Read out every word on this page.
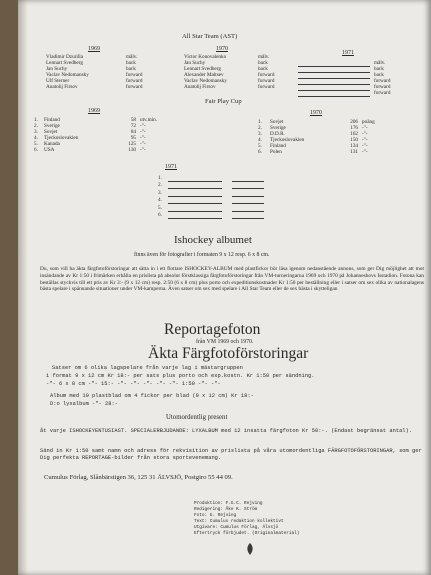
All Star Team (AST)
1969
Vladimir Dzurilla
Lennart Svedberg
Jan Suchy
Vaclav Nedomansky
Ulf Sterner
Anatolij Firsov
målv.
back
back
forward
forward
forward
1970
Victor Konovalenko
Jan Suchy
Lennart Svedberg
Alexander Maltsev
Vaclav Nedomansky
Anatolij Firsov
målv.
back
back
forward
forward
forward
1971
målv.
back
back
forward
forward
forward
Fair Play Cup
1969
1.
2.
3.
4.
5.
6.
Finland
Sverige
Sovjet
Tjeckoslovakien
Kanada
USA
58
72
84
95
125
130
utv.min.
-"-
-"-
-"-
-"-
-"-
1970
1.
2.
3.
4.
5.
6.
Sovjet
Sverige
D.D.R.
Tjeckoslovakien
Finland
Polen
206
176
162
150
134
131
poäng
-"-
-"-
-"-
-"-
-"-
1971
1.
2.
3.
4.
5.
6.
Ishockey albumet
finns även för fotografier i formaten 9 x 12 resp. 6 x 8 cm.
Du, som vill ha äkta färgfotoförstoringar att sätta in i ett flottare ISHOCKEY-ALBUM med plastfickor bör läsa igenom nedanstående annons, som ger Dig möjlighet att mot insändande av Kr 1:50 i frimärken erhålla en prislista på absolut förstklassiga färgfotoförstoringar från VM-turneringarna 1969 och 1970 på Johanneshovs Isstadion. Fotona kan beställas styckvis till ett pris av Kr 3:- (9 x 12 cm) resp. 2:50 (6 x 8 cm) plus porto och expeditionskostnader Kr 1:50 per beställning eller i satser om sex olika av nationalagens bästa spelare i spännande situationer under VM-kamperna. Även satser om sex med spelare i All Star Team eller de sex bästa i skytteligan
Reportagefoton
från VM 1969 och 1970.
Äkta Färgfotoförstoringar
Satser om 6 olika lagspelare från varje lag i mästargruppen
i format 9 x 12 cm Kr 18:- per sats plus porto och exp.kostn. Kr 1:50 per sändning.
-"- 6 x 8 cm -"- 15:- -"- -"- -"- -"- -"- 1:50 -"- -"-
Album med 10 plastblad om 4 fickor per blad (9 x 12 cm) Kr 18:-
D:o lyxalbum -"- 28:-
Utomordentlig present
åt varje ISHOCKEYENTUSIAST. SPECIALERBJUDANDE: LYXALBUM med 12 insatta färgfoton Kr 50:-. (Endast begränsat antal).
Sänd in Kr 1:50 samt namn och adress för rekvisition av prislista på våra utomordentliga FÄRGFOTOFÖRSTORINGAR, som ger Dig perfekta REPORTAGE-bilder från stora sportevenemang.
Cumulus Förlag, Slånbärstigen 36, 125 31 ÄLVSJÖ, Postgiro 55 44 09.
Produktion: F.G.C. Rejving
Redigering: Åke K. Ström
Foto: G. Rejving
Text: Cumulus redaktion kollektivt
Utgivare: Cumulus Förlag, Älvsjö
Eftertryck förbjudet. (Originalmaterial)
